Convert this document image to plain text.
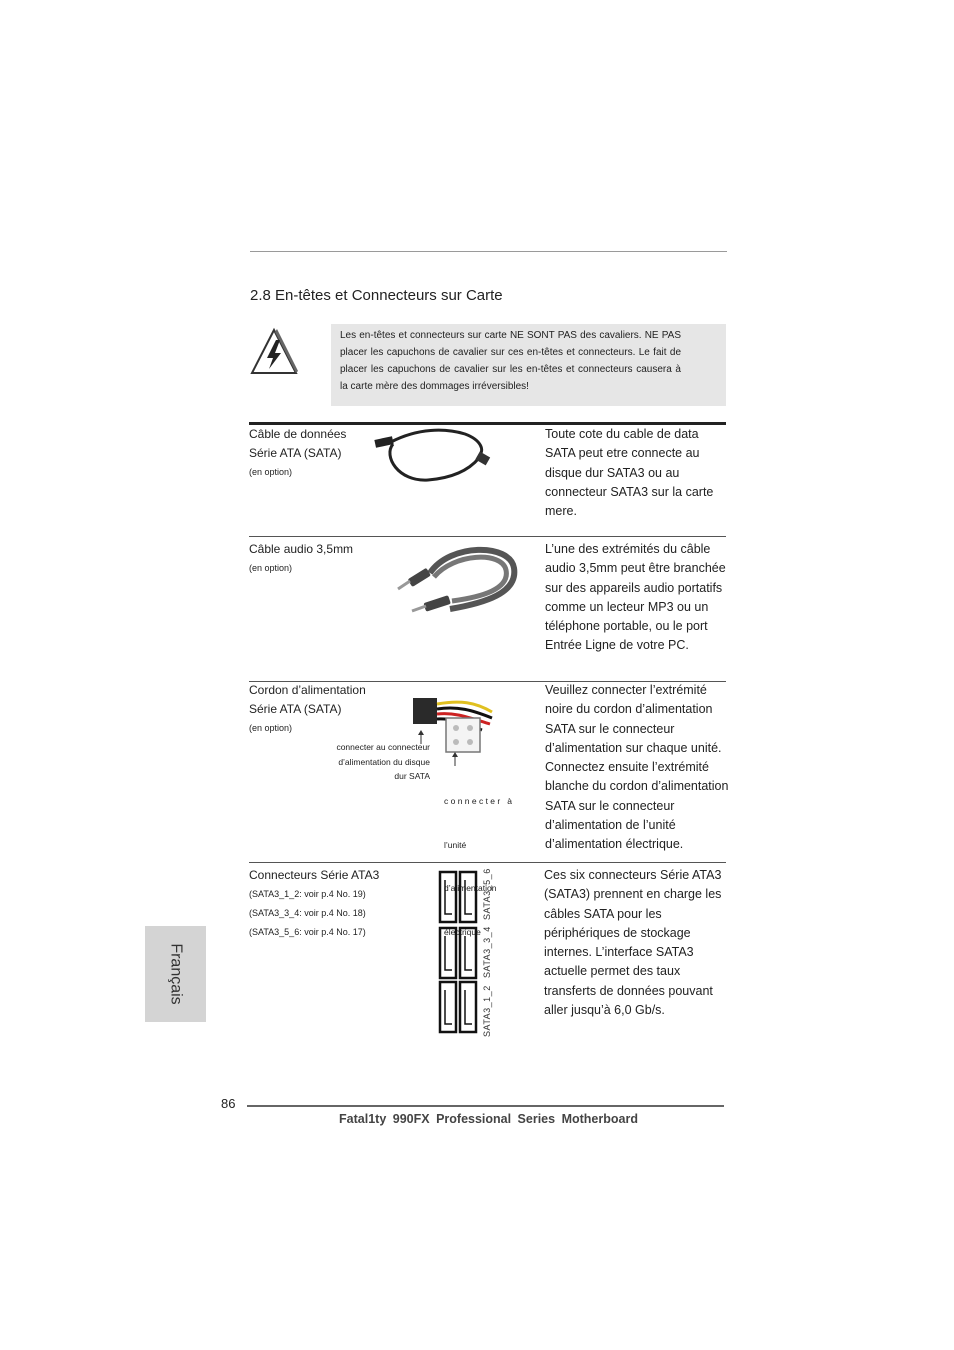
2.8 En-têtes et Connecteurs sur Carte
Les en-têtes et connecteurs sur carte NE SONT PAS des cavaliers. NE PAS placer les capuchons de cavalier sur ces en-têtes et connecteurs. Le fait de placer les capuchons de cavalier sur les en-têtes et connecteurs causera à la carte mère des dommages irréversibles!
Câble de données
Série ATA (SATA)
(en option)
Toute cote du cable de data SATA peut etre connecte au disque dur SATA3 ou au connecteur SATA3 sur la carte mere.
Câble audio 3,5mm
(en option)
L’une des extrémités du câble audio 3,5mm peut être branchée sur des appareils audio portatifs comme un lecteur MP3 ou un téléphone portable, ou le port Entrée Ligne de votre PC.
Cordon d’alimentation
Série ATA (SATA)
(en option)
connecter au connecteur
d’alimentation du disque
dur SATA

c o n n e c t e r   à

l’unité

d’alimentation

électrique

Veuillez connecter l’extrémité noire du cordon d’alimentation SATA sur le connecteur d’alimentation sur chaque unité. Connectez ensuite l’extrémité blanche du cordon d’alimentation SATA sur le connecteur d’alimentation de l’unité d’alimentation électrique.
Connecteurs Série ATA3
(SATA3_1_2: voir p.4 No. 19)
(SATA3_3_4: voir p.4 No. 18)
(SATA3_5_6: voir p.4 No. 17)
SATA3_5_6
SATA3_3_4
SATA3_1_2
Ces six connecteurs Série ATA3 (SATA3) prennent en charge les câbles SATA pour les périphériques de stockage internes. L’interface SATA3 actuelle permet des taux transferts de données pouvant aller jusqu’à 6,0 Gb/s.
Français
86
Fatal1ty 990FX Professional Series Motherboard
